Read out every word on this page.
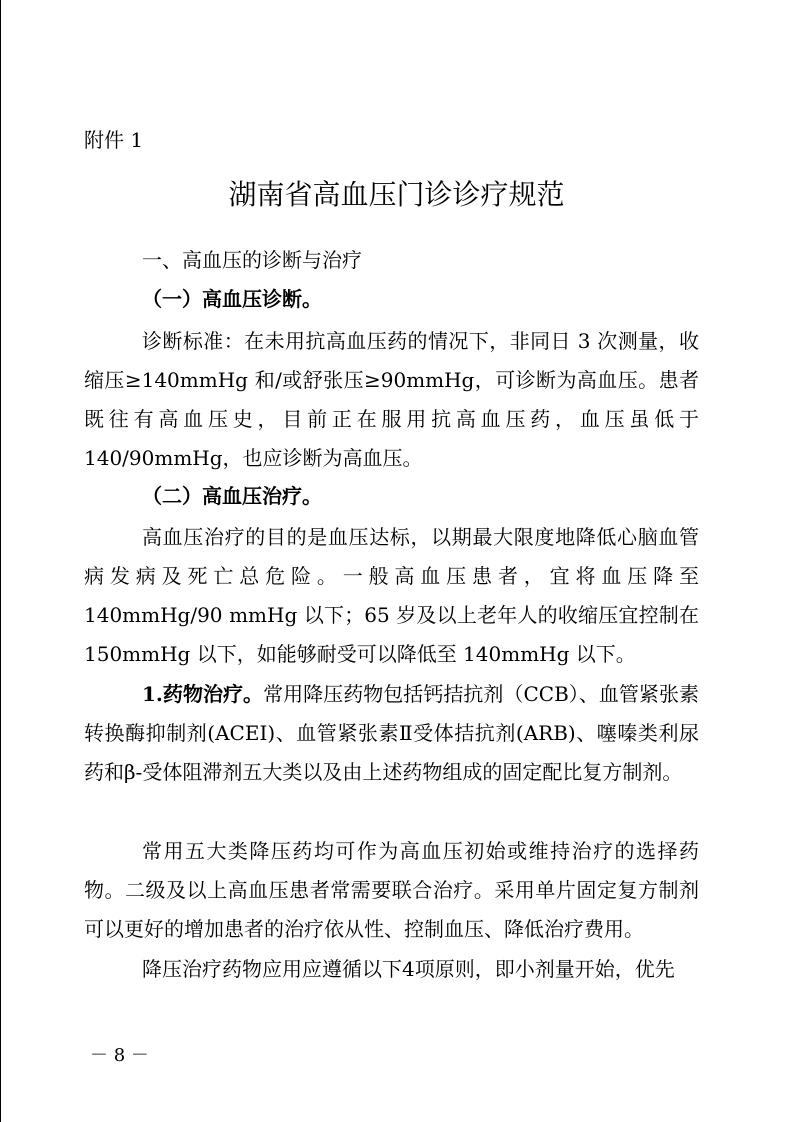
附件 1
湖南省高血压门诊诊疗规范
一、高血压的诊断与治疗
（一）高血压诊断。

诊断标准：在未用抗高血压药的情况下，非同日 3 次测量，收缩压≥140mmHg 和/或舒张压≥90mmHg，可诊断为高血压。患者既往有高血压史，目前正在服用抗高血压药，血压虽低于 140/90mmHg，也应诊断为高血压。

（二）高血压治疗。

高血压治疗的目的是血压达标，以期最大限度地降低心脑血管病发病及死亡总危险。一般高血压患者，宜将血压降至 140mmHg/90 mmHg 以下；65 岁及以上老年人的收缩压宜控制在 150mmHg 以下，如能够耐受可以降低至 140mmHg 以下。

1.药物治疗。常用降压药物包括钙拮抗剂（CCB）、血管紧张素转换酶抑制剂(ACEI)、血管紧张素Ⅱ受体拮抗剂(ARB)、噻嗪类利尿药和β-受体阻滞剂五大类以及由上述药物组成的固定配比复方制剂。

常用五大类降压药均可作为高血压初始或维持治疗的选择药物。二级及以上高血压患者常需要联合治疗。采用单片固定复方制剂可以更好的增加患者的治疗依从性、控制血压、降低治疗费用。

降压治疗药物应用应遵循以下4项原则，即小剂量开始，优先

－ 8 －
